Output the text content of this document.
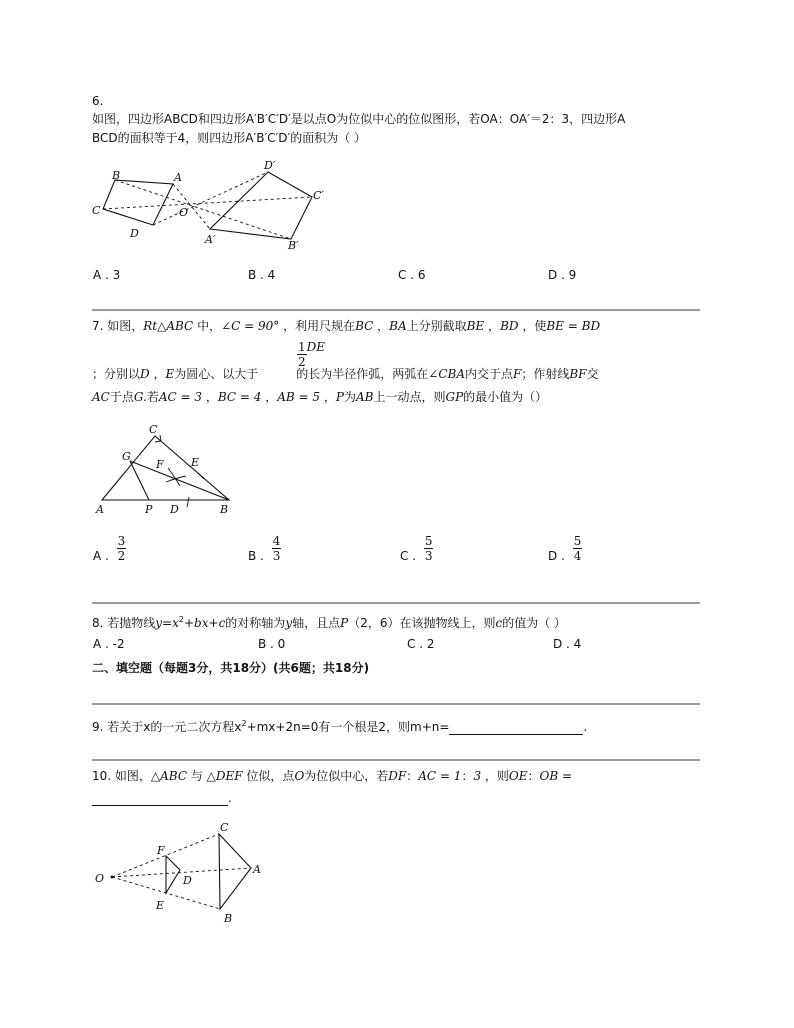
6.
如图，四边形ABCD和四边形A′B′C′D′是以点O为位似中心的位似图形，若OA：OA′＝2：3，四边形A
BCD的面积等于4，则四边形A′B′C′D′的面积为（ ）
B	A
C
D
O
D′
C′
A′	B′
A . 3	B . 4	C . 6	D . 9
7. 如图，Rt△ABC 中，∠C = 90° ，利用尺规在BC ，BA上分别截取BE ，BD ，使BE = BD
$\frac{1}{2}$ DE
；分别以D ，E为圆心、以大于	的长为半径作弧，两弧在∠CBA内交于点F；作射线BF交
AC于点G.若AC = 3 ，BC = 4 ，AB = 5 ，P为AB上一动点，则GP的最小值为（）
C
G
F E
A	P D	B
A . $\frac{3}{2}$	B . $\frac{4}{3}$	C . $\frac{5}{3}$	D . $\frac{5}{4}$
8. 若抛物线$y=x^2+bx+c$的对称轴为y轴，且点P（2，6）在该抛物线上，则c的值为（ ）
A . -2	B . 0	C . 2	D . 4
二、填空题（每题3分，共18分）(共6题；共18分)
9. 若关于x的一元二次方程$x^2+mx+2n=0$有一个根是2，则m+n=	.
10. 如图，△ABC 与 △DEF 位似，点O为位似中心，若DF：AC = 1：3 ，则OE：OB =
.
O
C
A
B
F
D
E
